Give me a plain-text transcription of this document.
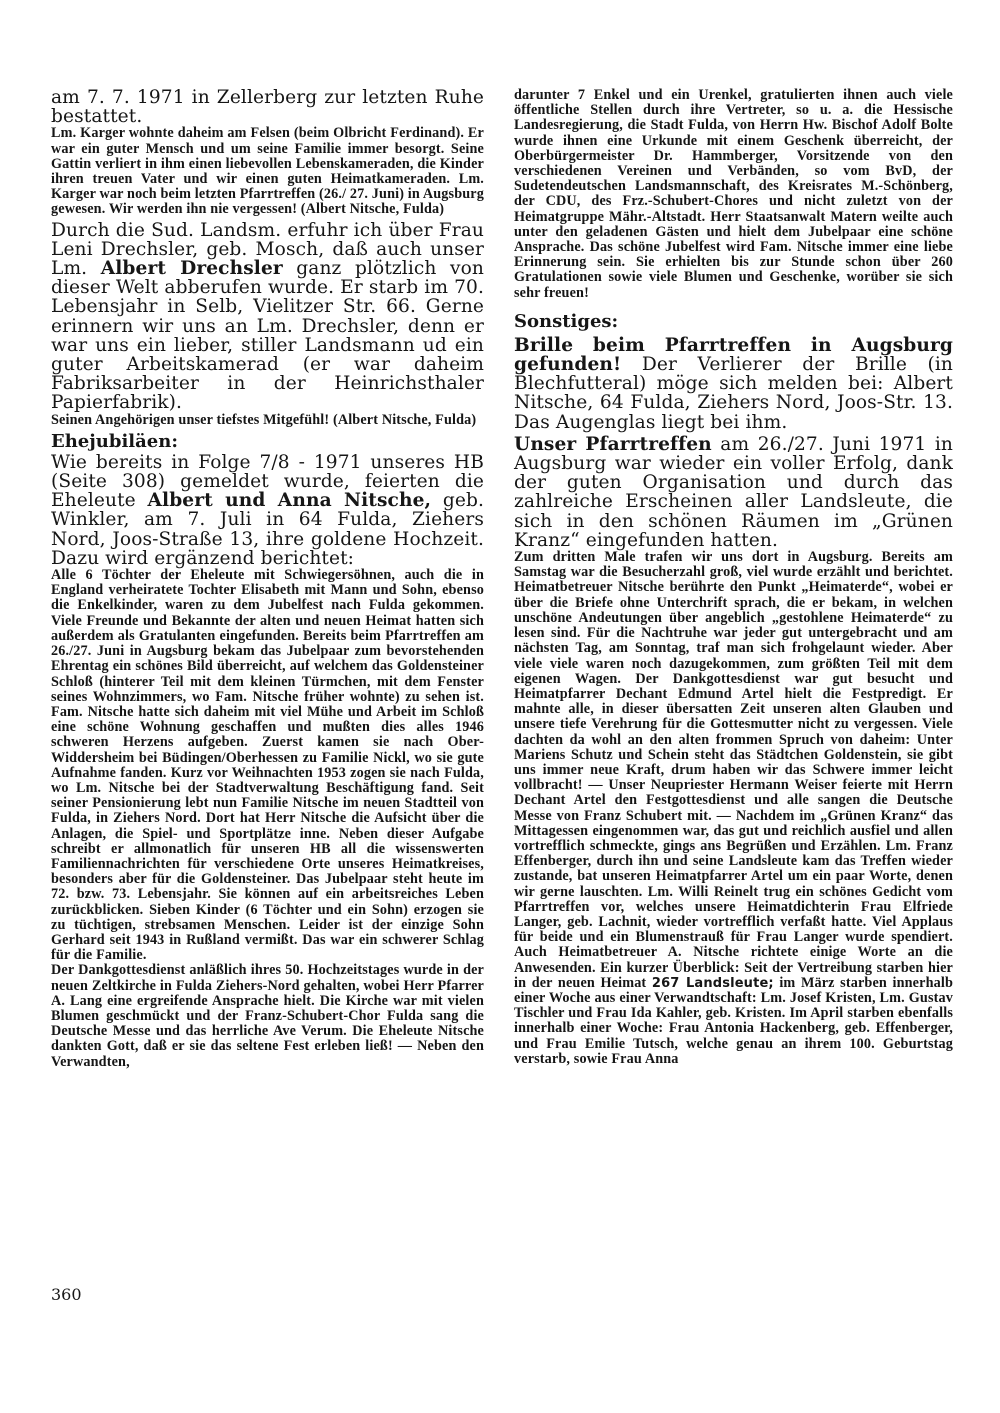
am 7. 7. 1971 in Zellerberg zur letzten Ruhe bestattet.

Lm. Karger wohnte daheim am Felsen (beim Olbricht Ferdinand). Er war ein guter Mensch und um seine Familie immer besorgt. Seine Gattin verliert in ihm einen liebevollen Lebenskameraden, die Kinder ihren treuen Vater und wir einen guten Heimatkameraden. Lm. Karger war noch beim letzten Pfarrtreffen (26./ 27. Juni) in Augsburg gewesen. Wir werden ihn nie vergessen! (Albert Nitsche, Fulda)

Durch die Sud. Landsm. erfuhr ich über Frau Leni Drechsler, geb. Mosch, daß auch unser Lm. Albert Drechsler ganz plötzlich von dieser Welt abberufen wurde. Er starb im 70. Lebensjahr in Selb, Vielitzer Str. 66. Gerne erinnern wir uns an Lm. Drechsler, denn er war uns ein lieber, stiller Landsmann ud ein guter Arbeitskamerad (er war daheim Fabriksarbeiter in der Heinrichsthaler Papierfabrik).

Seinen Angehörigen unser tiefstes Mitgefühl! (Albert Nitsche, Fulda)

Ehejubiläen:

Wie bereits in Folge 7/8 - 1971 unseres HB (Seite 308) gemeldet wurde, feierten die Eheleute Albert und Anna Nitsche, geb. Winkler, am 7. Juli in 64 Fulda, Ziehers Nord, Joos-Straße 13, ihre goldene Hochzeit. Dazu wird ergänzend berichtet:

Alle 6 Töchter der Eheleute mit Schwiegersöhnen, auch die in England verheiratete Tochter Elisabeth mit Mann und Sohn, ebenso die Enkelkinder, waren zu dem Jubelfest nach Fulda gekommen. Viele Freunde und Bekannte der alten und neuen Heimat hatten sich außerdem als Gratulanten eingefunden. Bereits beim Pfarrtreffen am 26./27. Juni in Augsburg bekam das Jubelpaar zum bevorstehenden Ehrentag ein schönes Bild überreicht, auf welchem das Goldensteiner Schloß (hinterer Teil mit dem kleinen Türmchen, mit dem Fenster seines Wohnzimmers, wo Fam. Nitsche früher wohnte) zu sehen ist. Fam. Nitsche hatte sich daheim mit viel Mühe und Arbeit im Schloß eine schöne Wohnung geschaffen und mußten dies alles 1946 schweren Herzens aufgeben. Zuerst kamen sie nach Ober-Widdersheim bei Büdingen/Oberhessen zu Familie Nickl, wo sie gute Aufnahme fanden. Kurz vor Weihnachten 1953 zogen sie nach Fulda, wo Lm. Nitsche bei der Stadtverwaltung Beschäftigung fand. Seit seiner Pensionierung lebt nun Familie Nitsche im neuen Stadtteil von Fulda, in Ziehers Nord. Dort hat Herr Nitsche die Aufsicht über die Anlagen, die Spiel- und Sportplätze inne. Neben dieser Aufgabe schreibt er allmonatlich für unseren HB all die wissenswerten Familiennachrichten für verschiedene Orte unseres Heimatkreises, besonders aber für die Goldensteiner. Das Jubelpaar steht heute im 72. bzw. 73. Lebensjahr. Sie können auf ein arbeitsreiches Leben zurückblicken. Sieben Kinder (6 Töchter und ein Sohn) erzogen sie zu tüchtigen, strebsamen Menschen. Leider ist der einzige Sohn Gerhard seit 1943 in Rußland vermißt. Das war ein schwerer Schlag für die Familie.

Der Dankgottesdienst anläßlich ihres 50. Hochzeitstages wurde in der neuen Zeltkirche in Fulda Ziehers-Nord gehalten, wobei Herr Pfarrer A. Lang eine ergreifende Ansprache hielt. Die Kirche war mit vielen Blumen geschmückt und der Franz-Schubert-Chor Fulda sang die Deutsche Messe und das herrliche Ave Verum. Die Eheleute Nitsche dankten Gott, daß er sie das seltene Fest erleben ließ! — Neben den Verwandten,

darunter 7 Enkel und ein Urenkel, gratulierten ihnen auch viele öffentliche Stellen durch ihre Vertreter, so u. a. die Hessische Landesregierung, die Stadt Fulda, von Herrn Hw. Bischof Adolf Bolte wurde ihnen eine Urkunde mit einem Geschenk überreicht, der Oberbürgermeister Dr. Hammberger, Vorsitzende von den verschiedenen Vereinen und Verbänden, so vom BvD, der Sudetendeutschen Landsmannschaft, des Kreisrates M.-Schönberg, der CDU, des Frz.-Schubert-Chores und nicht zuletzt von der Heimatgruppe Mähr.-Altstadt. Herr Staatsanwalt Matern weilte auch unter den geladenen Gästen und hielt dem Jubelpaar eine schöne Ansprache. Das schöne Jubelfest wird Fam. Nitsche immer eine liebe Erinnerung sein. Sie erhielten bis zur Stunde schon über 260 Gratulationen sowie viele Blumen und Geschenke, worüber sie sich sehr freuen!

Sonstiges:

Brille beim Pfarrtreffen in Augsburg gefunden! Der Verlierer der Brille (in Blechfutteral) möge sich melden bei: Albert Nitsche, 64 Fulda, Ziehers Nord, Joos-Str. 13. Das Augenglas liegt bei ihm.

Unser Pfarrtreffen am 26./27. Juni 1971 in Augsburg war wieder ein voller Erfolg, dank der guten Organisation und durch das zahlreiche Erscheinen aller Landsleute, die sich in den schönen Räumen im „Grünen Kranz“ eingefunden hatten.

Zum dritten Male trafen wir uns dort in Augsburg. Bereits am Samstag war die Besucherzahl groß, viel wurde erzählt und berichtet. Heimatbetreuer Nitsche berührte den Punkt „Heimaterde“, wobei er über die Briefe ohne Unterchrift sprach, die er bekam, in welchen unschöne Andeutungen über angeblich „gestohlene Heimaterde“ zu lesen sind. Für die Nachtruhe war jeder gut untergebracht und am nächsten Tag, am Sonntag, traf man sich frohgelaunt wieder. Aber viele viele waren noch dazugekommen, zum größten Teil mit dem eigenen Wagen. Der Dankgottesdienst war gut besucht und Heimatpfarrer Dechant Edmund Artel hielt die Festpredigt. Er mahnte alle, in dieser übersatten Zeit unseren alten Glauben und unsere tiefe Verehrung für die Gottesmutter nicht zu vergessen. Viele dachten da wohl an den alten frommen Spruch von daheim: Unter Mariens Schutz und Schein steht das Städtchen Goldenstein, sie gibt uns immer neue Kraft, drum haben wir das Schwere immer leicht vollbracht! — Unser Neupriester Hermann Weiser feierte mit Herrn Dechant Artel den Festgottesdienst und alle sangen die Deutsche Messe von Franz Schubert mit. — Nachdem im „Grünen Kranz“ das Mittagessen eingenommen war, das gut und reichlich ausfiel und allen vortrefflich schmeckte, gings ans Begrüßen und Erzählen. Lm. Franz Effenberger, durch ihn und seine Landsleute kam das Treffen wieder zustande, bat unseren Heimatpfarrer Artel um ein paar Worte, denen wir gerne lauschten. Lm. Willi Reinelt trug ein schönes Gedicht vom Pfarrtreffen vor, welches unsere Heimatdichterin Frau Elfriede Langer, geb. Lachnit, wieder vortrefflich verfaßt hatte. Viel Applaus für beide und ein Blumenstrauß für Frau Langer wurde spendiert. Auch Heimatbetreuer A. Nitsche richtete einige Worte an die Anwesenden. Ein kurzer Überblick: Seit der Vertreibung starben hier in der neuen Heimat 267 Landsleute; im März starben innerhalb einer Woche aus einer Verwandtschaft: Lm. Josef Kristen, Lm. Gustav Tischler und Frau Ida Kahler, geb. Kristen. Im April starben ebenfalls innerhalb einer Woche: Frau Antonia Hackenberg, geb. Effenberger, und Frau Emilie Tutsch, welche genau an ihrem 100. Geburtstag verstarb, sowie Frau Anna

360
